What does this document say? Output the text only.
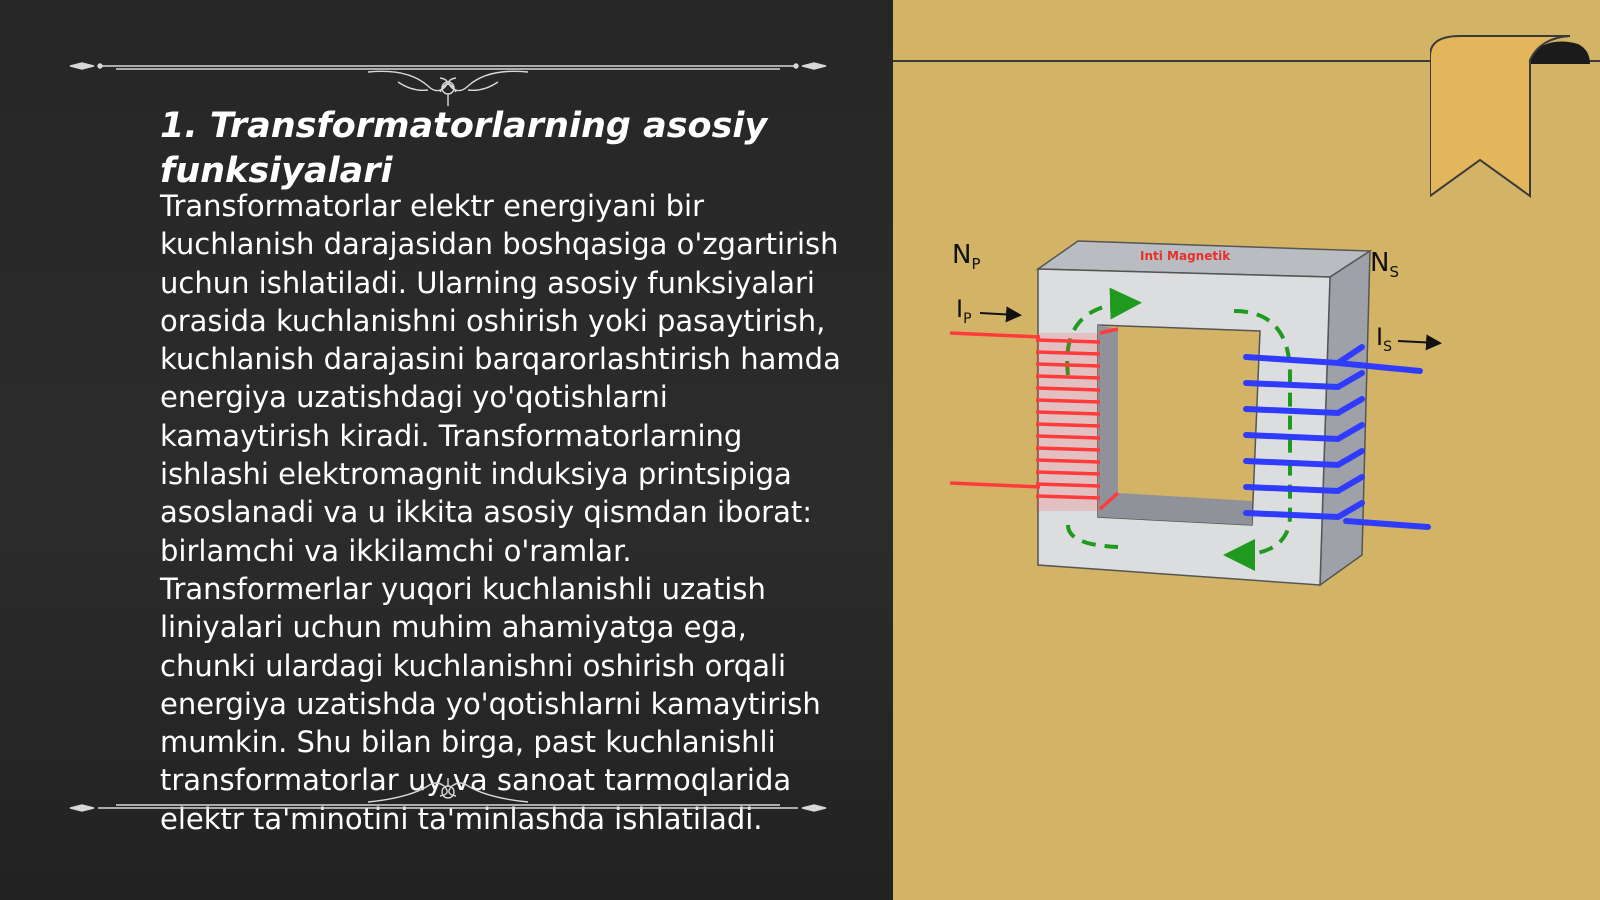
1. Transformatorlarning asosiy funksiyalari

Transformatorlar elektr energiyani bir kuchlanish darajasidan boshqasiga o'zgartirish uchun ishlatiladi. Ularning asosiy funksiyalari orasida kuchlanishni oshirish yoki pasaytirish, kuchlanish darajasini barqarorlashtirish hamda energiya uzatishdagi yo'qotishlarni kamaytirish kiradi. Transformatorlarning ishlashi elektromagnit induksiya printsipiga asoslanadi va u ikkita asosiy qismdan iborat: birlamchi va ikkilamchi o'ramlar. Transformerlar yuqori kuchlanishli uzatish liniyalari uchun muhim ahamiyatga ega, chunki ulardagi kuchlanishni oshirish orqali energiya uzatishda yo'qotishlarni kamaytirish mumkin. Shu bilan birga, past kuchlanishli transformatorlar uy va sanoat tarmoqlarida elektr ta'minotini ta'minlashda ishlatiladi.

Inti Magnetik
$N_P$	$N_S$
$I_P$
$I_S$
